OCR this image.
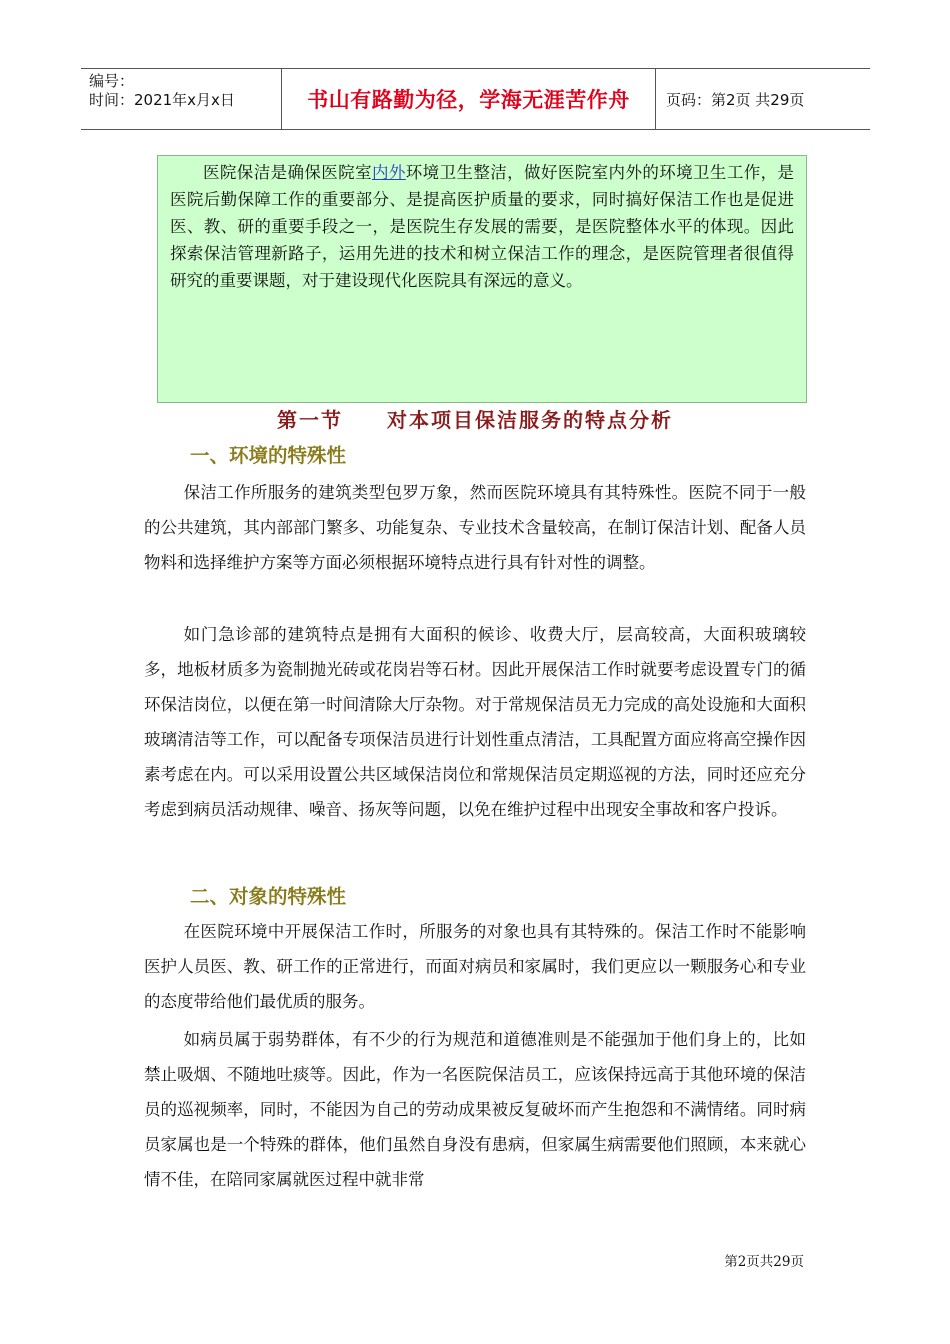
编号：
时间：2021年x月x日	书山有路勤为径，学海无涯苦作舟	页码：第2页 共29页
医院保洁是确保医院室内外环境卫生整洁，做好医院室内外的环境卫生工作，是医院后勤保障工作的重要部分、是提高医护质量的要求，同时搞好保洁工作也是促进医、教、研的重要手段之一，是医院生存发展的需要，是医院整体水平的体现。因此探索保洁管理新路子，运用先进的技术和树立保洁工作的理念，是医院管理者很值得研究的重要课题，对于建设现代化医院具有深远的意义。
第一节　　对本项目保洁服务的特点分析
一、环境的特殊性
保洁工作所服务的建筑类型包罗万象，然而医院环境具有其特殊性。医院不同于一般的公共建筑，其内部部门繁多、功能复杂、专业技术含量较高，在制订保洁计划、配备人员物料和选择维护方案等方面必须根据环境特点进行具有针对性的调整。
如门急诊部的建筑特点是拥有大面积的候诊、收费大厅，层高较高，大面积玻璃较多，地板材质多为瓷制抛光砖或花岗岩等石材。因此开展保洁工作时就要考虑设置专门的循环保洁岗位，以便在第一时间清除大厅杂物。对于常规保洁员无力完成的高处设施和大面积玻璃清洁等工作，可以配备专项保洁员进行计划性重点清洁，工具配置方面应将高空操作因素考虑在内。可以采用设置公共区域保洁岗位和常规保洁员定期巡视的方法，同时还应充分考虑到病员活动规律、噪音、扬灰等问题，以免在维护过程中出现安全事故和客户投诉。
二、对象的特殊性
在医院环境中开展保洁工作时，所服务的对象也具有其特殊的。保洁工作时不能影响医护人员医、教、研工作的正常进行，而面对病员和家属时，我们更应以一颗服务心和专业的态度带给他们最优质的服务。
如病员属于弱势群体，有不少的行为规范和道德准则是不能强加于他们身上的，比如禁止吸烟、不随地吐痰等。因此，作为一名医院保洁员工，应该保持远高于其他环境的保洁员的巡视频率，同时，不能因为自己的劳动成果被反复破坏而产生抱怨和不满情绪。同时病员家属也是一个特殊的群体，他们虽然自身没有患病，但家属生病需要他们照顾，本来就心情不佳，在陪同家属就医过程中就非常
第2页共29页
